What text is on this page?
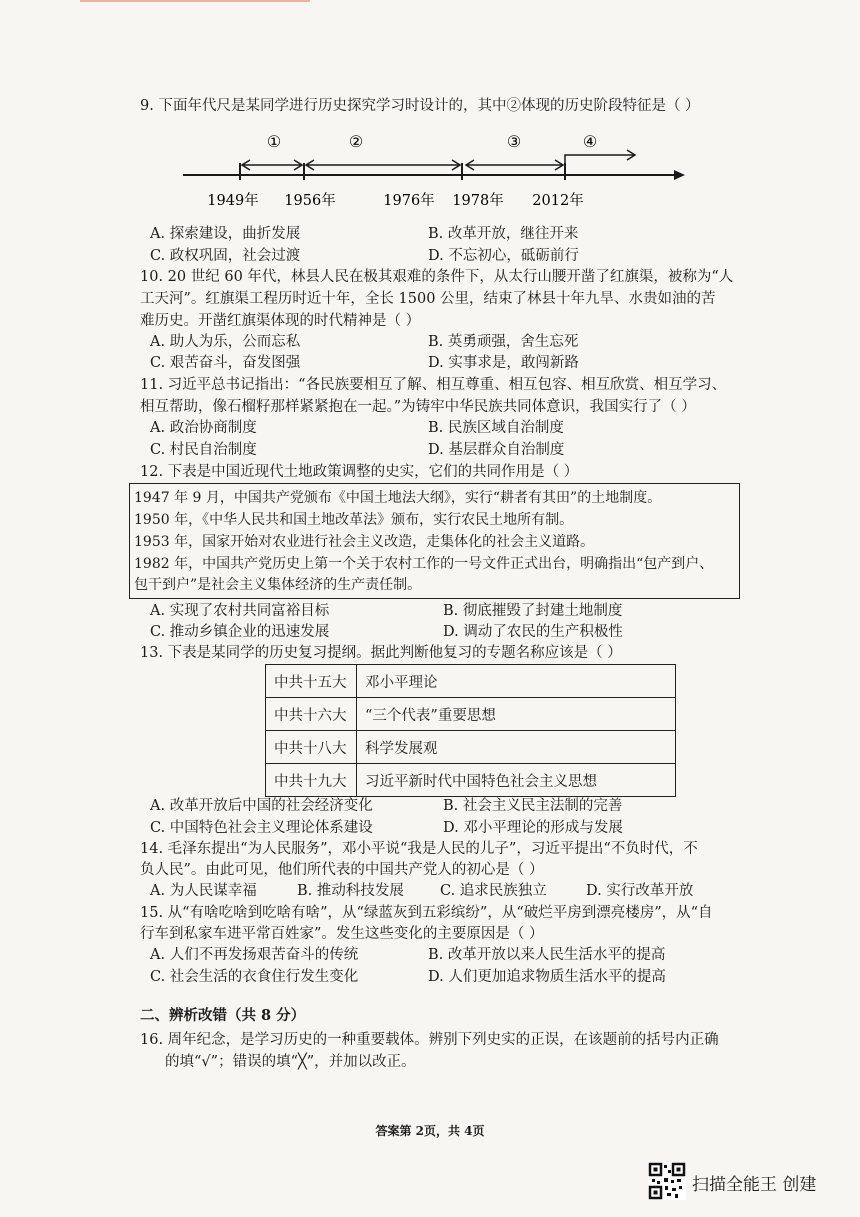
9. 下面年代尺是某同学进行历史探究学习时设计的，其中②体现的历史阶段特征是（ ）
①	②	③	④
1949年 1956年	1976年 1978年 2012年
A. 探索建设，曲折发展	B. 改革开放，继往开来
C. 政权巩固，社会过渡	D. 不忘初心，砥砺前行
10. 20 世纪 60 年代，林县人民在极其艰难的条件下，从太行山腰开凿了红旗渠，被称为“人
工天河”。红旗渠工程历时近十年，全长 1500 公里，结束了林县十年九旱、水贵如油的苦
难历史。开凿红旗渠体现的时代精神是（ ）
A. 助人为乐，公而忘私	B. 英勇顽强，舍生忘死
C. 艰苦奋斗，奋发图强	D. 实事求是，敢闯新路
11. 习近平总书记指出：“各民族要相互了解、相互尊重、相互包容、相互欣赏、相互学习、
相互帮助，像石榴籽那样紧紧抱在一起。”为铸牢中华民族共同体意识，我国实行了（ ）
A. 政治协商制度	B. 民族区域自治制度
C. 村民自治制度	D. 基层群众自治制度
12. 下表是中国近现代土地政策调整的史实，它们的共同作用是（ ）
1947 年 9 月，中国共产党颁布《中国土地法大纲》，实行“耕者有其田”的土地制度。
1950 年，《中华人民共和国土地改革法》颁布，实行农民土地所有制。
1953 年，国家开始对农业进行社会主义改造，走集体化的社会主义道路。
1982 年，中国共产党历史上第一个关于农村工作的一号文件正式出台，明确指出“包产到户、
包干到户”是社会主义集体经济的生产责任制。
A. 实现了农村共同富裕目标	B. 彻底摧毁了封建土地制度
C. 推动乡镇企业的迅速发展	D. 调动了农民的生产积极性
13. 下表是某同学的历史复习提纲。据此判断他复习的专题名称应该是（ ）
中共十五大	邓小平理论
中共十六大	“三个代表”重要思想
中共十八大	科学发展观
中共十九大	习近平新时代中国特色社会主义思想
A. 改革开放后中国的社会经济变化	B. 社会主义民主法制的完善
C. 中国特色社会主义理论体系建设	D. 邓小平理论的形成与发展
14. 毛泽东提出“为人民服务”，邓小平说“我是人民的儿子”，习近平提出“不负时代，不
负人民”。由此可见，他们所代表的中国共产党人的初心是（ ）
A. 为人民谋幸福	B. 推动科技发展 C. 追求民族独立	D. 实行改革开放
15. 从“有啥吃啥到吃啥有啥”，从“绿蓝灰到五彩缤纷”，从“破烂平房到漂亮楼房”，从“自
行车到私家车进平常百姓家”。发生这些变化的主要原因是（ ）
A. 人们不再发扬艰苦奋斗的传统	B. 改革开放以来人民生活水平的提高
C. 社会生活的衣食住行发生变化	D. 人们更加追求物质生活水平的提高
二、辨析改错（共 8 分）
16. 周年纪念，是学习历史的一种重要载体。辨别下列史实的正误，在该题前的括号内正确
的填“√”；错误的填“╳”，并加以改正。
答案第 2页，共 4页
扫描全能王 创建
